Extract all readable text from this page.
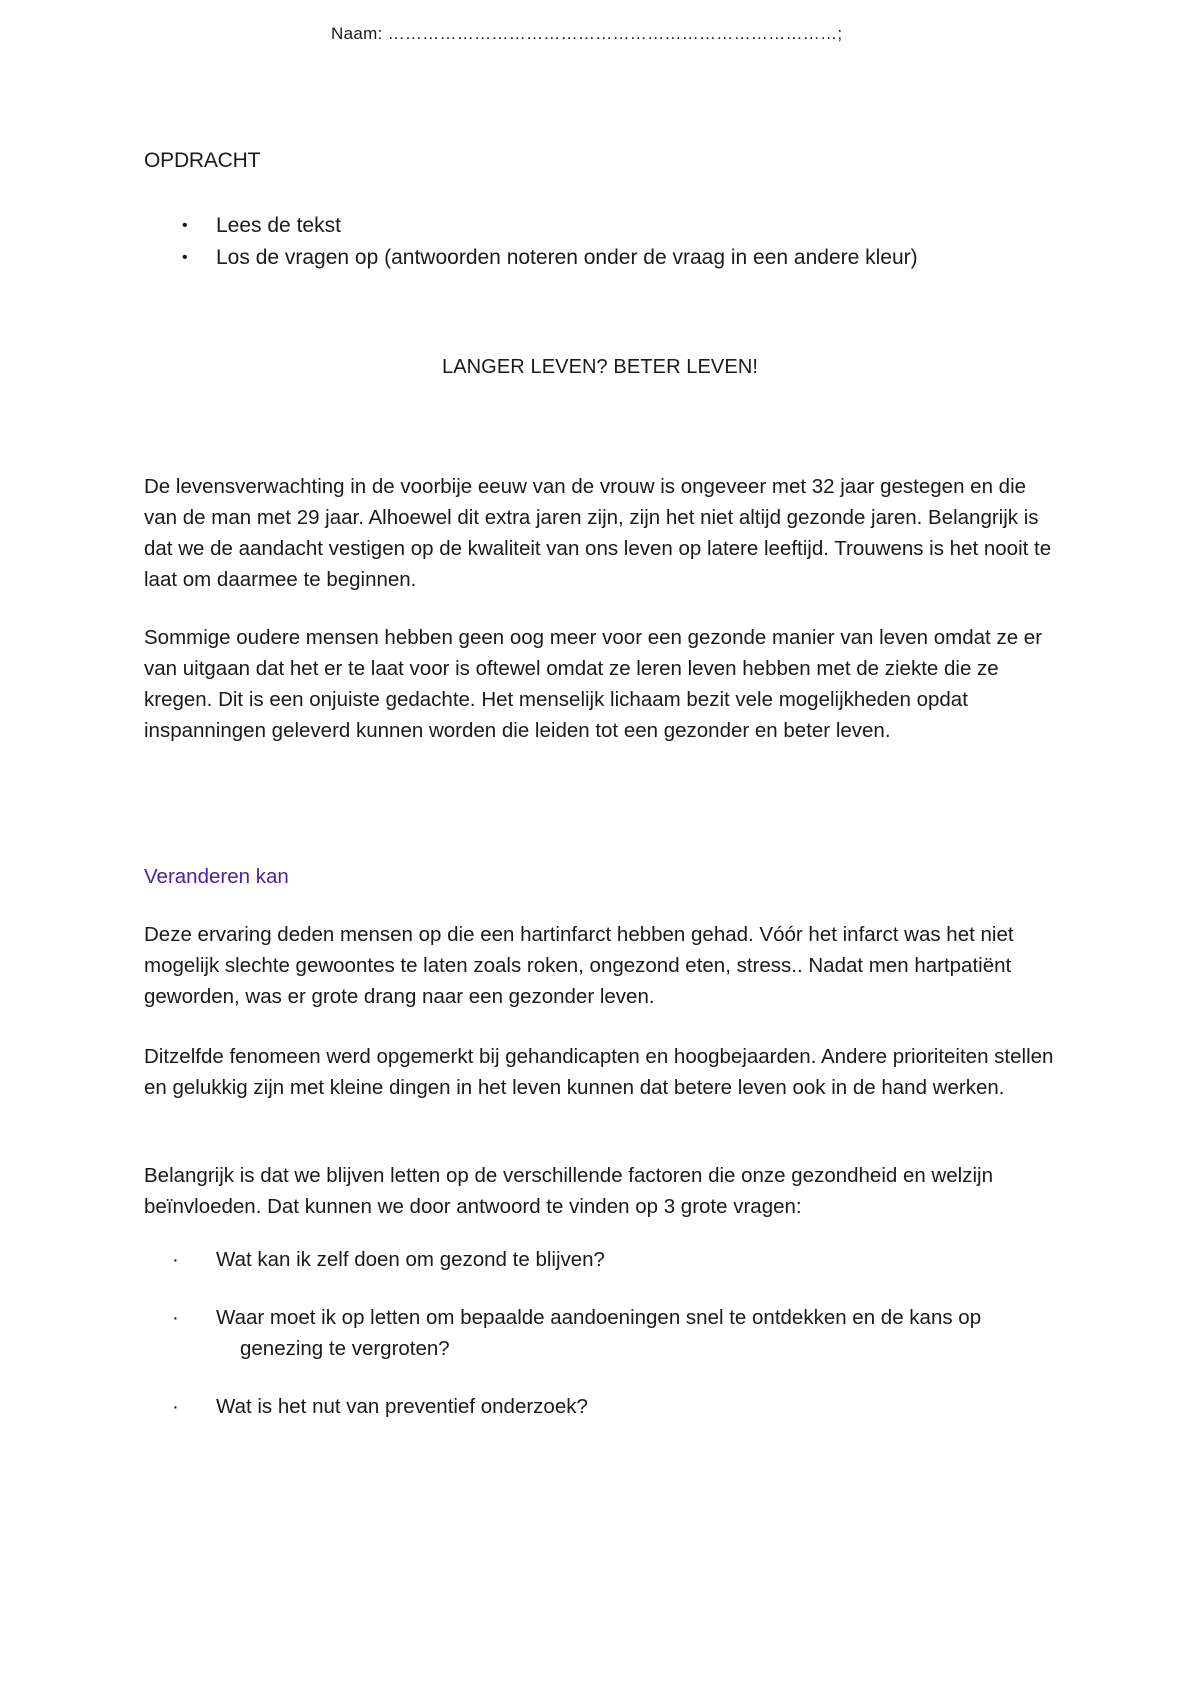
Naam: ……………………………………………………………………;
OPDRACHT
• Lees de tekst
• Los de vragen op (antwoorden noteren onder de vraag in een andere kleur)
LANGER LEVEN? BETER LEVEN!

De levensverwachting in de voorbije eeuw van de vrouw is ongeveer met 32 jaar gestegen en die van de man met 29 jaar. Alhoewel dit extra jaren zijn, zijn het niet altijd gezonde jaren. Belangrijk is dat we de aandacht vestigen op de kwaliteit van ons leven op latere leeftijd. Trouwens is het nooit te laat om daarmee te beginnen.

Sommige oudere mensen hebben geen oog meer voor een gezonde manier van leven omdat ze er van uitgaan dat het er te laat voor is oftewel omdat ze leren leven hebben met de ziekte die ze kregen. Dit is een onjuiste gedachte. Het menselijk lichaam bezit vele mogelijkheden opdat inspanningen geleverd kunnen worden die leiden tot een gezonder en beter leven.

Veranderen kan

Deze ervaring deden mensen op die een hartinfarct hebben gehad. Vóór het infarct was het niet mogelijk slechte gewoontes te laten zoals roken, ongezond eten, stress.. Nadat men hartpatiënt geworden, was er grote drang naar een gezonder leven.

Ditzelfde fenomeen werd opgemerkt bij gehandicapten en hoogbejaarden. Andere prioriteiten stellen en gelukkig zijn met kleine dingen in het leven kunnen dat betere leven ook in de hand werken.

Belangrijk is dat we blijven letten op de verschillende factoren die onze gezondheid en welzijn beïnvloeden. Dat kunnen we door antwoord te vinden op 3 grote vragen:

· Wat kan ik zelf doen om gezond te blijven?
· Waar moet ik op letten om bepaalde aandoeningen snel te ontdekken en de kans op genezing te vergroten?
· Wat is het nut van preventief onderzoek?
